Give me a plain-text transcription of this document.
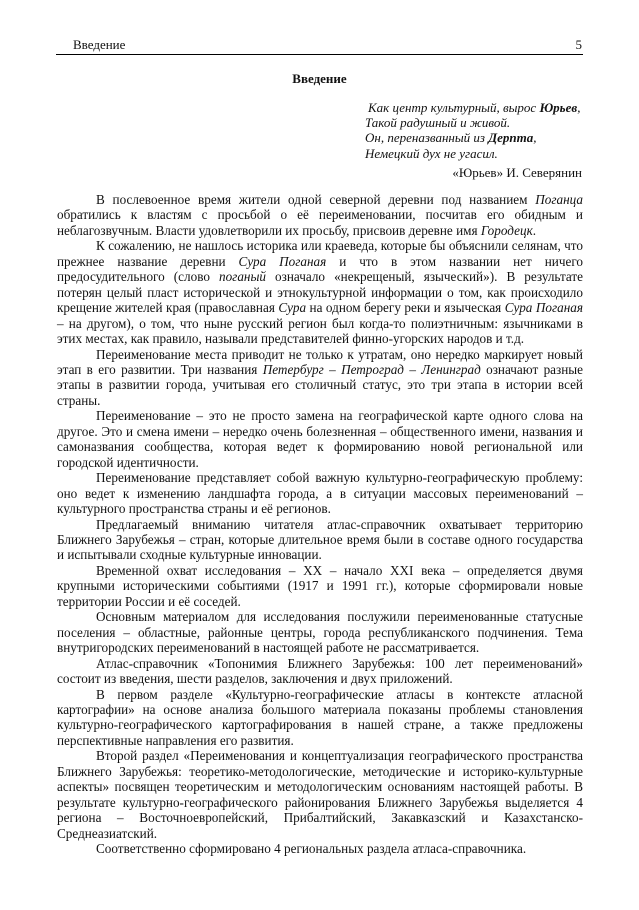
Введение	5
Введение
Как центр культурный, вырос Юрьев,
Такой радушный и живой.
Он, переназванный из Дерпта,
Немецкий дух не угасил.
«Юрьев» И. Северянин

В послевоенное время жители одной северной деревни под названием Поганца обратились к властям с просьбой о её переименовании, посчитав его обидным и неблагозвучным. Власти удовлетворили их просьбу, присвоив деревне имя Городецк.

К сожалению, не нашлось историка или краеведа, которые бы объяснили селянам, что прежнее название деревни Сура Поганая и что в этом названии нет ничего предосудительного (слово поганый означало «некрещеный, языческий»). В результате потерян целый пласт исторической и этнокультурной информации о том, как происходило крещение жителей края (православная Сура на одном берегу реки и языческая Сура Поганая – на другом), о том, что ныне русский регион был когда-то полиэтничным: язычниками в этих местах, как правило, называли представителей финно-угорских народов и т.д.

Переименование места приводит не только к утратам, оно нередко маркирует новый этап в его развитии. Три названия Петербург – Петроград – Ленинград означают разные этапы в развитии города, учитывая его столичный статус, это три этапа в истории всей страны.

Переименование – это не просто замена на географической карте одного слова на другое. Это и смена имени – нередко очень болезненная – общественного имени, названия и самоназвания сообщества, которая ведет к формированию новой региональной или городской идентичности.

Переименование представляет собой важную культурно-географическую проблему: оно ведет к изменению ландшафта города, а в ситуации массовых переименований – культурного пространства страны и её регионов.

Предлагаемый вниманию читателя атлас-справочник охватывает территорию Ближнего Зарубежья – стран, которые длительное время были в составе одного государства и испытывали сходные культурные инновации.

Временной охват исследования – XX – начало XXI века – определяется двумя крупными историческими событиями (1917 и 1991 гг.), которые сформировали новые территории России и её соседей.

Основным материалом для исследования послужили переименованные статусные поселения – областные, районные центры, города республиканского подчинения. Тема внутригородских переименований в настоящей работе не рассматривается.

Атлас-справочник «Топонимия Ближнего Зарубежья: 100 лет переименований» состоит из введения, шести разделов, заключения и двух приложений.

В первом разделе «Культурно-географические атласы в контексте атласной картографии» на основе анализа большого материала показаны проблемы становления культурно-географического картографирования в нашей стране, а также предложены перспективные направления его развития.

Второй раздел «Переименования и концептуализация географического пространства Ближнего Зарубежья: теоретико-методологические, методические и историко-культурные аспекты» посвящен теоретическим и методологическим основаниям настоящей работы. В результате культурно-географического районирования Ближнего Зарубежья выделяется 4 региона – Восточноевропейский, Прибалтийский, Закавказский и Казахстанско-Среднеазиатский.

Соответственно сформировано 4 региональных раздела атласа-справочника.
